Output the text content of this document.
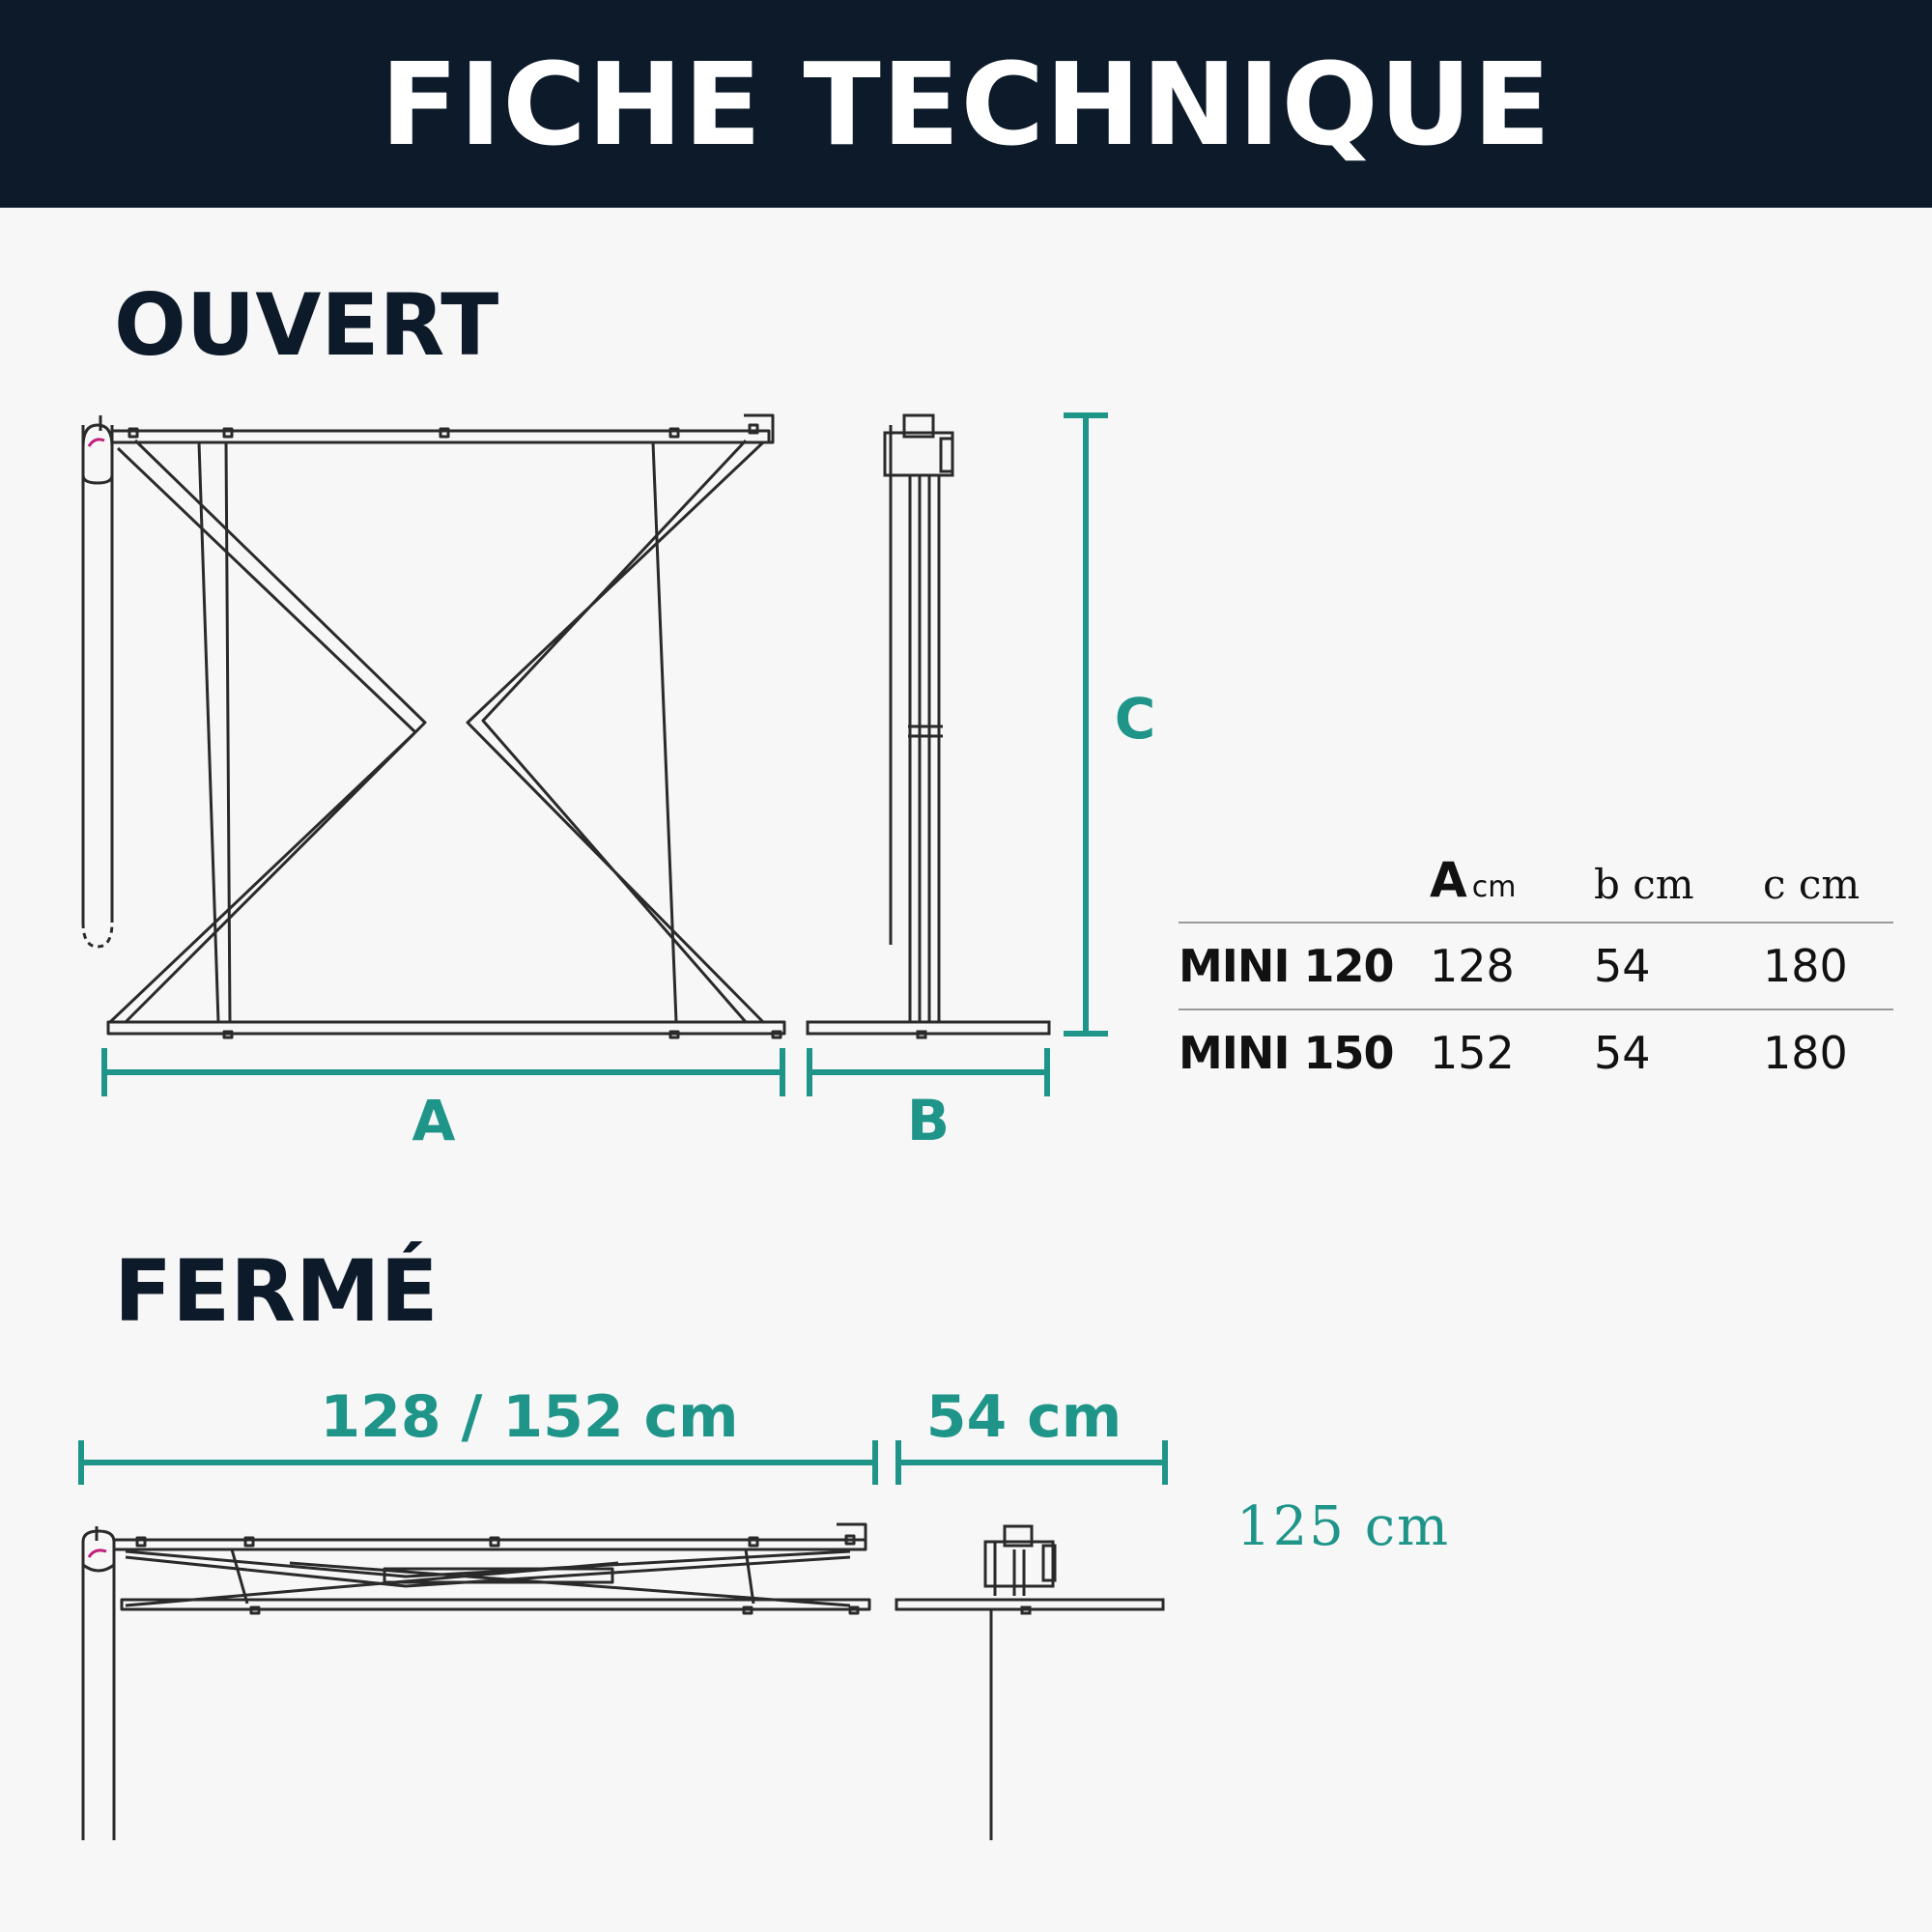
FICHE TECHNIQUE
OUVERT
FERMÉ
A	B
C
128 / 152 cm	54 cm
125 cm
	A cm	b cm	c cm
MINI 120	128	54	180
MINI 150	152	54	180
